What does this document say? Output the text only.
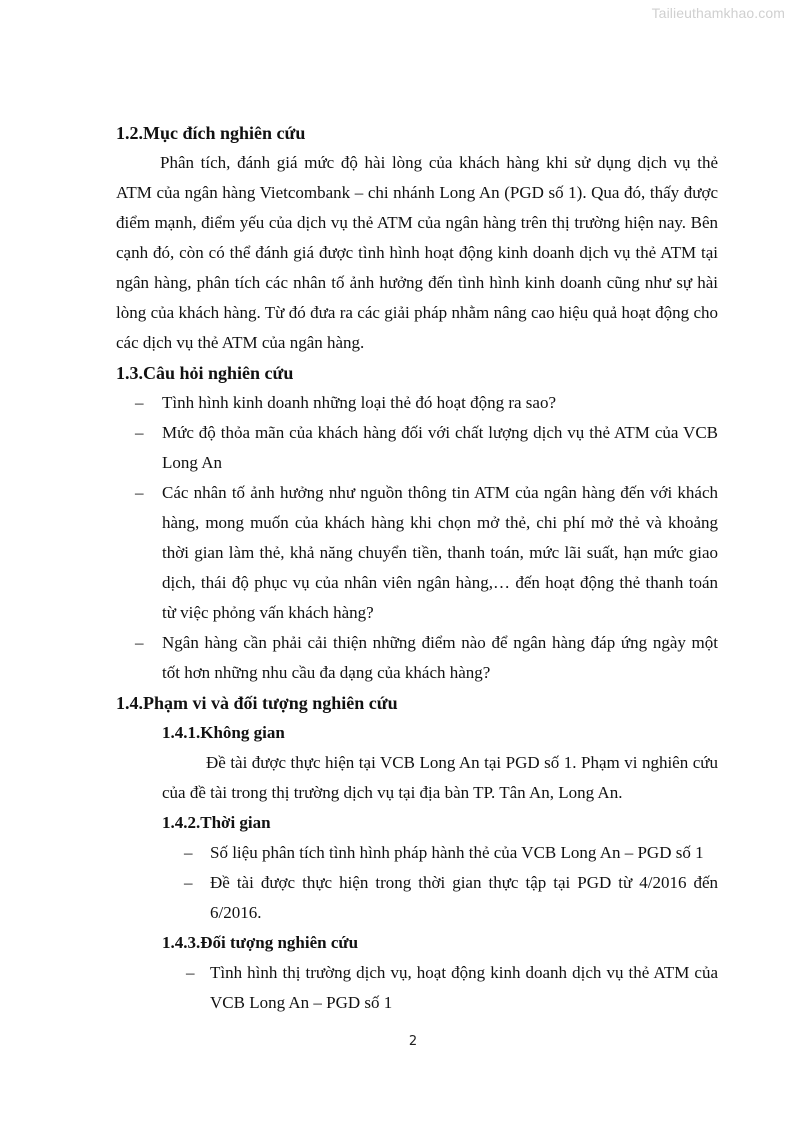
Tailieuthamkhao.com
1.2.Mục đích nghiên cứu

Phân tích, đánh giá mức độ hài lòng của khách hàng khi sử dụng dịch vụ thẻ ATM của ngân hàng Vietcombank – chi nhánh Long An (PGD số 1). Qua đó, thấy được điểm mạnh, điểm yếu của dịch vụ thẻ ATM của ngân hàng trên thị trường hiện nay. Bên cạnh đó, còn có thể đánh giá được tình hình hoạt động kinh doanh dịch vụ thẻ ATM tại ngân hàng, phân tích các nhân tố ảnh hưởng đến tình hình kinh doanh cũng như sự hài lòng của khách hàng. Từ đó đưa ra các giải pháp nhằm nâng cao hiệu quả hoạt động cho các dịch vụ thẻ ATM của ngân hàng.

1.3.Câu hỏi nghiên cứu
– Tình hình kinh doanh những loại thẻ đó hoạt động ra sao?
– Mức độ thỏa mãn của khách hàng đối với chất lượng dịch vụ thẻ ATM của VCB Long An
– Các nhân tố ảnh hưởng như nguồn thông tin ATM của ngân hàng đến với khách hàng, mong muốn của khách hàng khi chọn mở thẻ, chi phí mở thẻ và khoảng thời gian làm thẻ, khả năng chuyển tiền, thanh toán, mức lãi suất, hạn mức giao dịch, thái độ phục vụ của nhân viên ngân hàng,… đến hoạt động thẻ thanh toán từ việc phỏng vấn khách hàng?
– Ngân hàng cần phải cải thiện những điểm nào để ngân hàng đáp ứng ngày một tốt hơn những nhu cầu đa dạng của khách hàng?
1.4.Phạm vi và đối tượng nghiên cứu
1.4.1.Không gian

Đề tài được thực hiện tại VCB Long An tại PGD số 1. Phạm vi nghiên cứu của đề tài trong thị trường dịch vụ tại địa bàn TP. Tân An, Long An.

1.4.2.Thời gian
– Số liệu phân tích tình hình pháp hành thẻ của VCB Long An – PGD số 1
– Đề tài được thực hiện trong thời gian thực tập tại PGD từ 4/2016 đến 6/2016.
1.4.3.Đối tượng nghiên cứu
– Tình hình thị trường dịch vụ, hoạt động kinh doanh dịch vụ thẻ ATM của VCB Long An – PGD số 1
2
